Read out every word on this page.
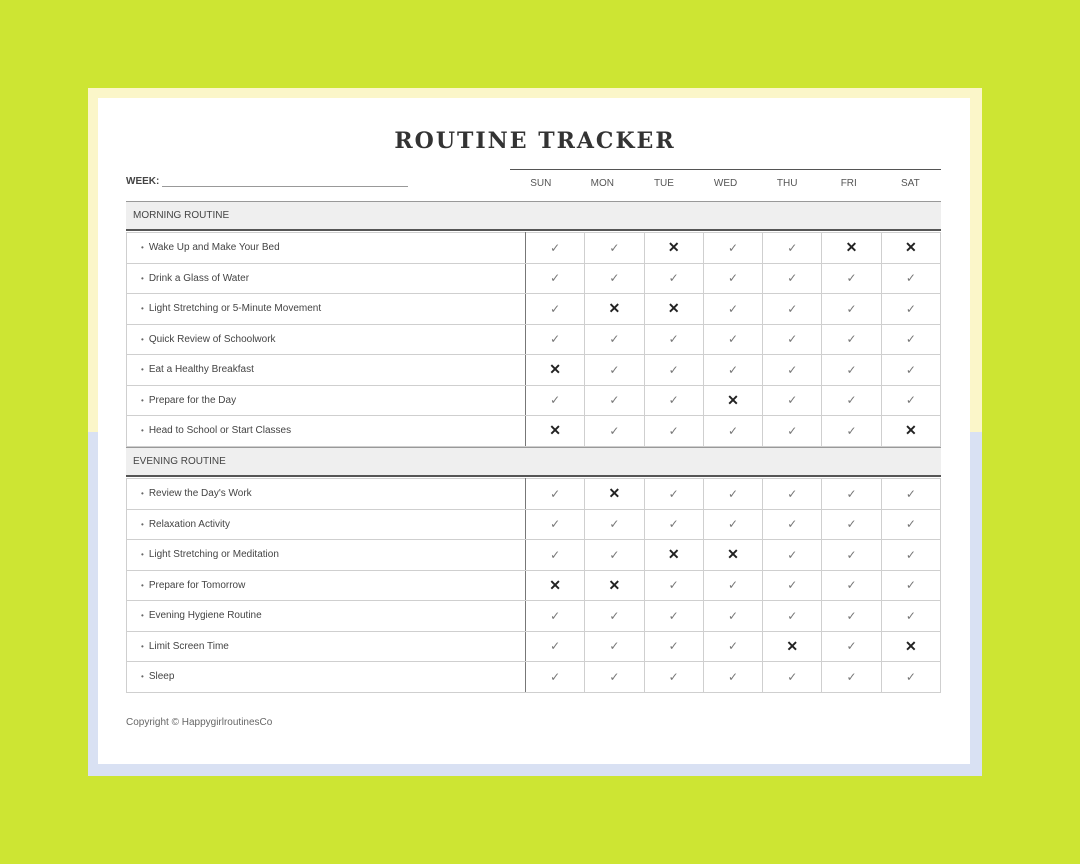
ROUTINE TRACKER
WEEK:	SUN	MON	TUE	WED	THU	FRI	SAT
MORNING ROUTINE
• Wake Up and Make Your Bed	✓	✓	✕	✓	✓	✕	✕
• Drink a Glass of Water	✓	✓	✓	✓	✓	✓	✓
• Light Stretching or 5-Minute Movement	✓	✕	✕	✓	✓	✓	✓
• Quick Review of Schoolwork	✓	✓	✓	✓	✓	✓	✓
• Eat a Healthy Breakfast	✕	✓	✓	✓	✓	✓	✓
• Prepare for the Day	✓	✓	✓	✕	✓	✓	✓
• Head to School or Start Classes	✕	✓	✓	✓	✓	✓	✕
EVENING ROUTINE
• Review the Day's Work	✓	✕	✓	✓	✓	✓	✓
• Relaxation Activity	✓	✓	✓	✓	✓	✓	✓
• Light Stretching or Meditation	✓	✓	✕	✕	✓	✓	✓
• Prepare for Tomorrow	✕	✕	✓	✓	✓	✓	✓
• Evening Hygiene Routine	✓	✓	✓	✓	✓	✓	✓
• Limit Screen Time	✓	✓	✓	✓	✕	✓	✕
• Sleep	✓	✓	✓	✓	✓	✓	✓
Copyright © HappygirlroutinesCo
